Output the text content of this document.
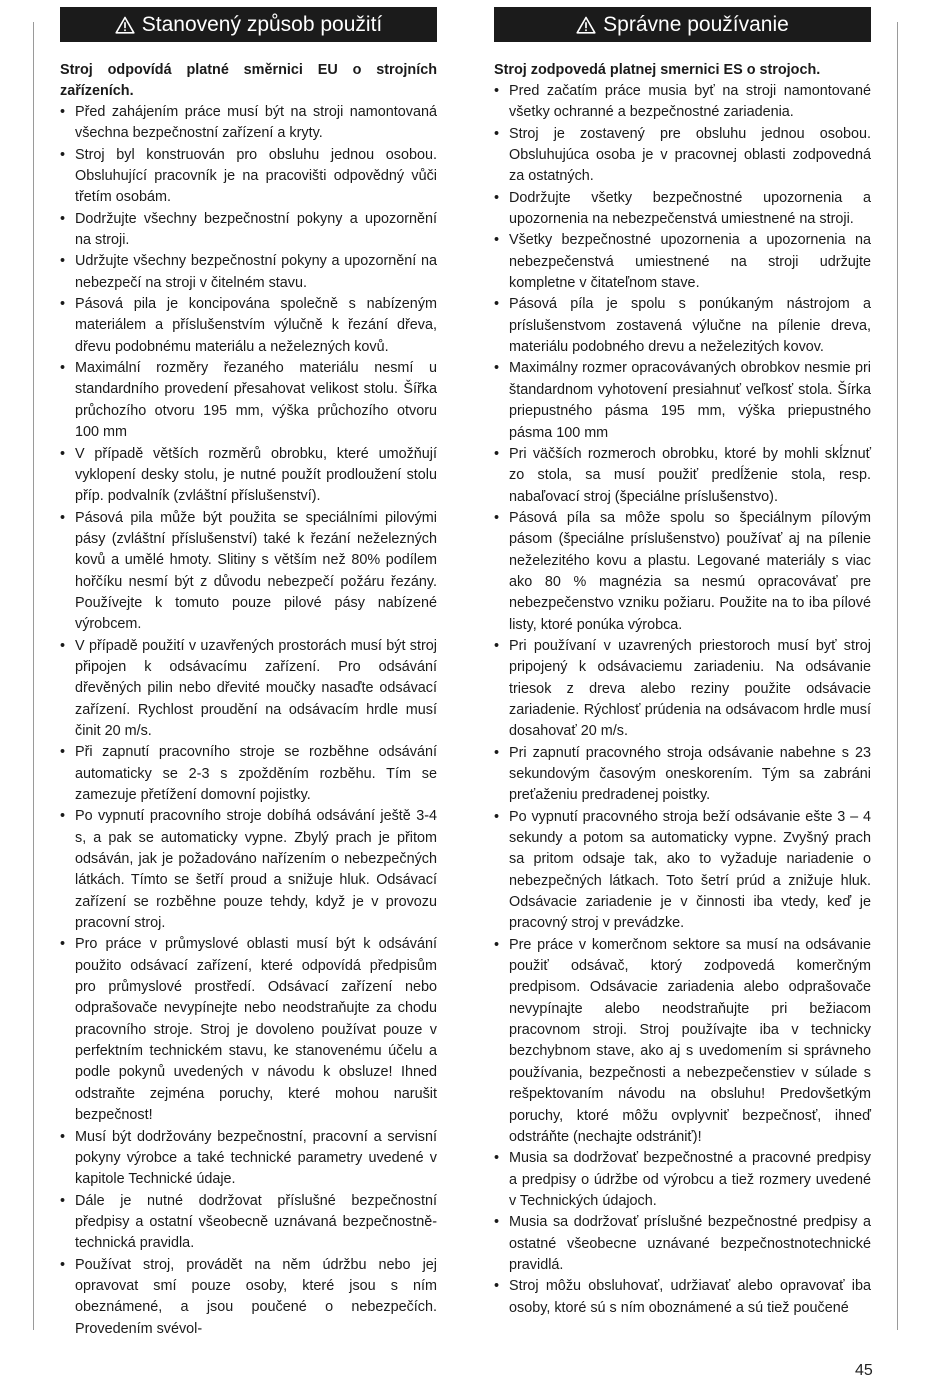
Stanovený způsob použití
Stroj odpovídá platné směrnici EU o strojních zařízeních.
• Před zahájením práce musí být na stroji namontovaná všechna bezpečnostní zařízení a kryty.
• Stroj byl konstruován pro obsluhu jednou osobou. Obsluhující pracovník je na pracovišti odpovědný vůči třetím osobám.
• Dodržujte všechny bezpečnostní pokyny a upozornění na stroji.
• Udržujte všechny bezpečnostní pokyny a upozornění na nebezpečí na stroji v čitelném stavu.
• Pásová pila je koncipována společně s nabízeným materiálem a příslušenstvím výlučně k řezání dřeva, dřevu podobnému materiálu a neželezných kovů.
• Maximální rozměry řezaného materiálu nesmí u standardního provedení přesahovat velikost stolu. Šířka průchozího otvoru 195 mm, výška průchozího otvoru 100 mm
• V případě větších rozměrů obrobku, které umožňují vyklopení desky stolu, je nutné použít prodloužení stolu příp. podvalník (zvláštní příslušenství).
• Pásová pila může být použita se speciálními pilovými pásy (zvláštní příslušenství) také k řezání neželezných kovů a umělé hmoty. Slitiny s větším než 80% podílem hořčíku nesmí být z důvodu nebezpečí požáru řezány. Používejte k tomuto pouze pilové pásy nabízené výrobcem.
• V případě použití v uzavřených prostorách musí být stroj připojen k odsávacímu zařízení. Pro odsávání dřevěných pilin nebo dřevité moučky nasaďte odsávací zařízení. Rychlost proudění na odsávacím hrdle musí činit 20 m/s.
• Při zapnutí pracovního stroje se rozběhne odsávání automaticky se 2-3 s zpožděním rozběhu. Tím se zamezuje přetížení domovní pojistky.
• Po vypnutí pracovního stroje dobíhá odsávání ještě 3-4 s, a pak se automaticky vypne. Zbylý prach je přitom odsáván, jak je požadováno nařízením o nebezpečných látkách. Tímto se šetří proud a snižuje hluk. Odsávací zařízení se rozběhne pouze tehdy, když je v provozu pracovní stroj.
• Pro práce v průmyslové oblasti musí být k odsávání použito odsávací zařízení, které odpovídá předpisům pro průmyslové prostředí. Odsávací zařízení nebo odprašovače nevypínejte nebo neodstraňujte za chodu pracovního stroje. Stroj je dovoleno používat pouze v perfektním technickém stavu, ke stanovenému účelu a podle pokynů uvedených v návodu k obsluze! Ihned odstraňte zejména poruchy, které mohou narušit bezpečnost!
• Musí být dodržovány bezpečnostní, pracovní a servisní pokyny výrobce a také technické parametry uvedené v kapitole Technické údaje.
• Dále je nutné dodržovat příslušné bezpečnostní předpisy a ostatní všeobecně uznávaná bezpečnostně-technická pravidla.
• Používat stroj, provádět na něm údržbu nebo jej opravovat smí pouze osoby, které jsou s ním obeznámené, a jsou poučené o nebezpečích. Provedením svévol-
Správne používanie
Stroj zodpovedá platnej smernici ES o strojoch.
• Pred začatím práce musia byť na stroji namontované všetky ochranné a bezpečnostné zariadenia.
• Stroj je zostavený pre obsluhu jednou osobou. Obsluhujúca osoba je v pracovnej oblasti zodpovedná za ostatných.
• Dodržujte všetky bezpečnostné upozornenia a upozornenia na nebezpečenstvá umiestnené na stroji.
• Všetky bezpečnostné upozornenia a upozornenia na nebezpečenstvá umiestnené na stroji udržujte kompletne v čitateľnom stave.
• Pásová píla je spolu s ponúkaným nástrojom a príslušenstvom zostavená výlučne na pílenie dreva, materiálu podobného drevu a neželezitých kovov.
• Maximálny rozmer opracovávaných obrobkov nesmie pri štandardnom vyhotovení presiahnuť veľkosť stola. Šírka priepustného pásma 195 mm, výška priepustného pásma 100 mm
• Pri väčších rozmeroch obrobku, ktoré by mohli skĺznuť zo stola, sa musí použiť predĺženie stola, resp. nabaľovací stroj (špeciálne príslušenstvo).
• Pásová píla sa môže spolu so špeciálnym pílovým pásom (špeciálne príslušenstvo) používať aj na pílenie neželezitého kovu a plastu. Legované materiály s viac ako 80 % magnézia sa nesmú opracovávať pre nebezpečenstvo vzniku požiaru. Použite na to iba pílové listy, ktoré ponúka výrobca.
• Pri používaní v uzavrených priestoroch musí byť stroj pripojený k odsávaciemu zariadeniu. Na odsávanie triesok z dreva alebo reziny použite odsávacie zariadenie. Rýchlosť prúdenia na odsávacom hrdle musí dosahovať 20 m/s.
• Pri zapnutí pracovného stroja odsávanie nabehne s 23 sekundovým časovým oneskorením. Tým sa zabráni preťaženiu predradenej poistky.
• Po vypnutí pracovného stroja beží odsávanie ešte 3 – 4 sekundy a potom sa automaticky vypne. Zvyšný prach sa pritom odsaje tak, ako to vyžaduje nariadenie o nebezpečných látkach. Toto šetrí prúd a znižuje hluk. Odsávacie zariadenie je v činnosti iba vtedy, keď je pracovný stroj v prevádzke.
• Pre práce v komerčnom sektore sa musí na odsávanie použiť odsávač, ktorý zodpovedá komerčným predpisom. Odsávacie zariadenia alebo odprašovače nevypínajte alebo neodstraňujte pri bežiacom pracovnom stroji. Stroj používajte iba v technicky bezchybnom stave, ako aj s uvedomením si správneho používania, bezpečnosti a nebezpečenstiev v súlade s rešpektovaním návodu na obsluhu! Predovšetkým poruchy, ktoré môžu ovplyvniť bezpečnosť, ihneď odstráňte (nechajte odstrániť)!
• Musia sa dodržovať bezpečnostné a pracovné predpisy a predpisy o údržbe od výrobcu a tiež rozmery uvedené v Technických údajoch.
• Musia sa dodržovať príslušné bezpečnostné predpisy a ostatné všeobecne uznávané bezpečnostnotechnické pravidlá.
• Stroj môžu obsluhovať, udržiavať alebo opravovať iba osoby, ktoré sú s ním oboznámené a sú tiež poučené
45
